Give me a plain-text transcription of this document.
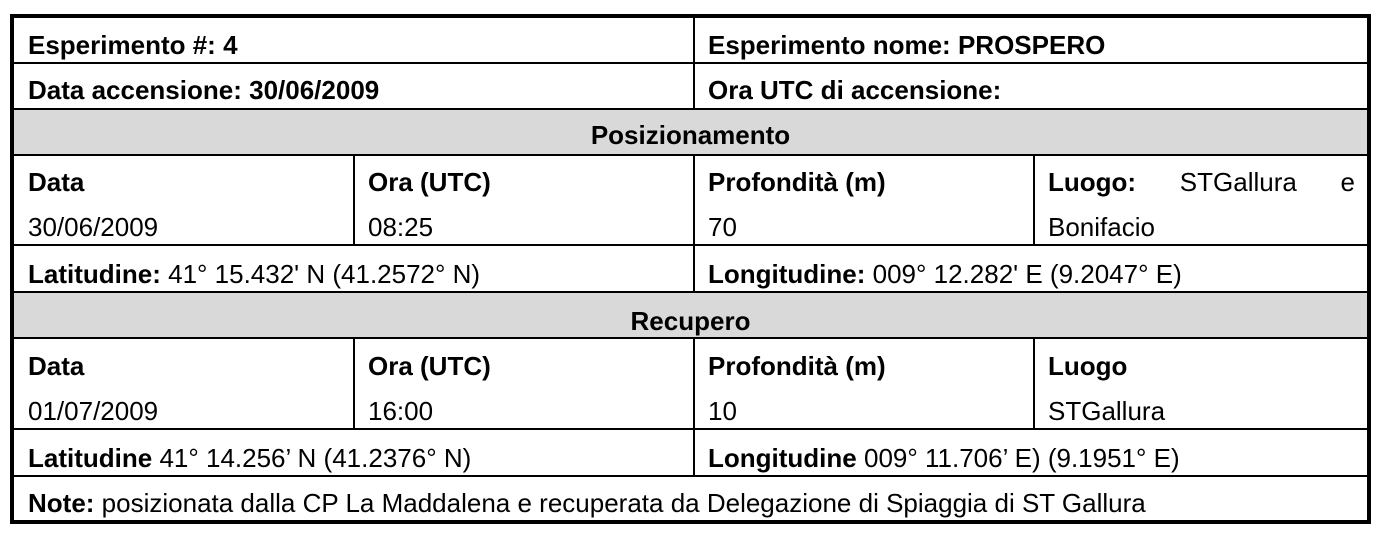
Esperimento #: 4	Esperimento nome: PROSPERO
Data accensione: 30/06/2009	Ora UTC di accensione:
Posizionamento
Data	Ora (UTC)	Profondità (m)	Luogo: STGallura e
30/06/2009	08:25	70	Bonifacio
Latitudine: 41° 15.432' N (41.2572° N)	Longitudine: 009° 12.282' E (9.2047° E)
Recupero
Data	Ora (UTC)	Profondità (m)	Luogo
01/07/2009	16:00	10	STGallura
Latitudine 41° 14.256’ N (41.2376° N)	Longitudine 009° 11.706’ E) (9.1951° E)
Note: posizionata dalla CP La Maddalena e recuperata da Delegazione di Spiaggia di ST Gallura
